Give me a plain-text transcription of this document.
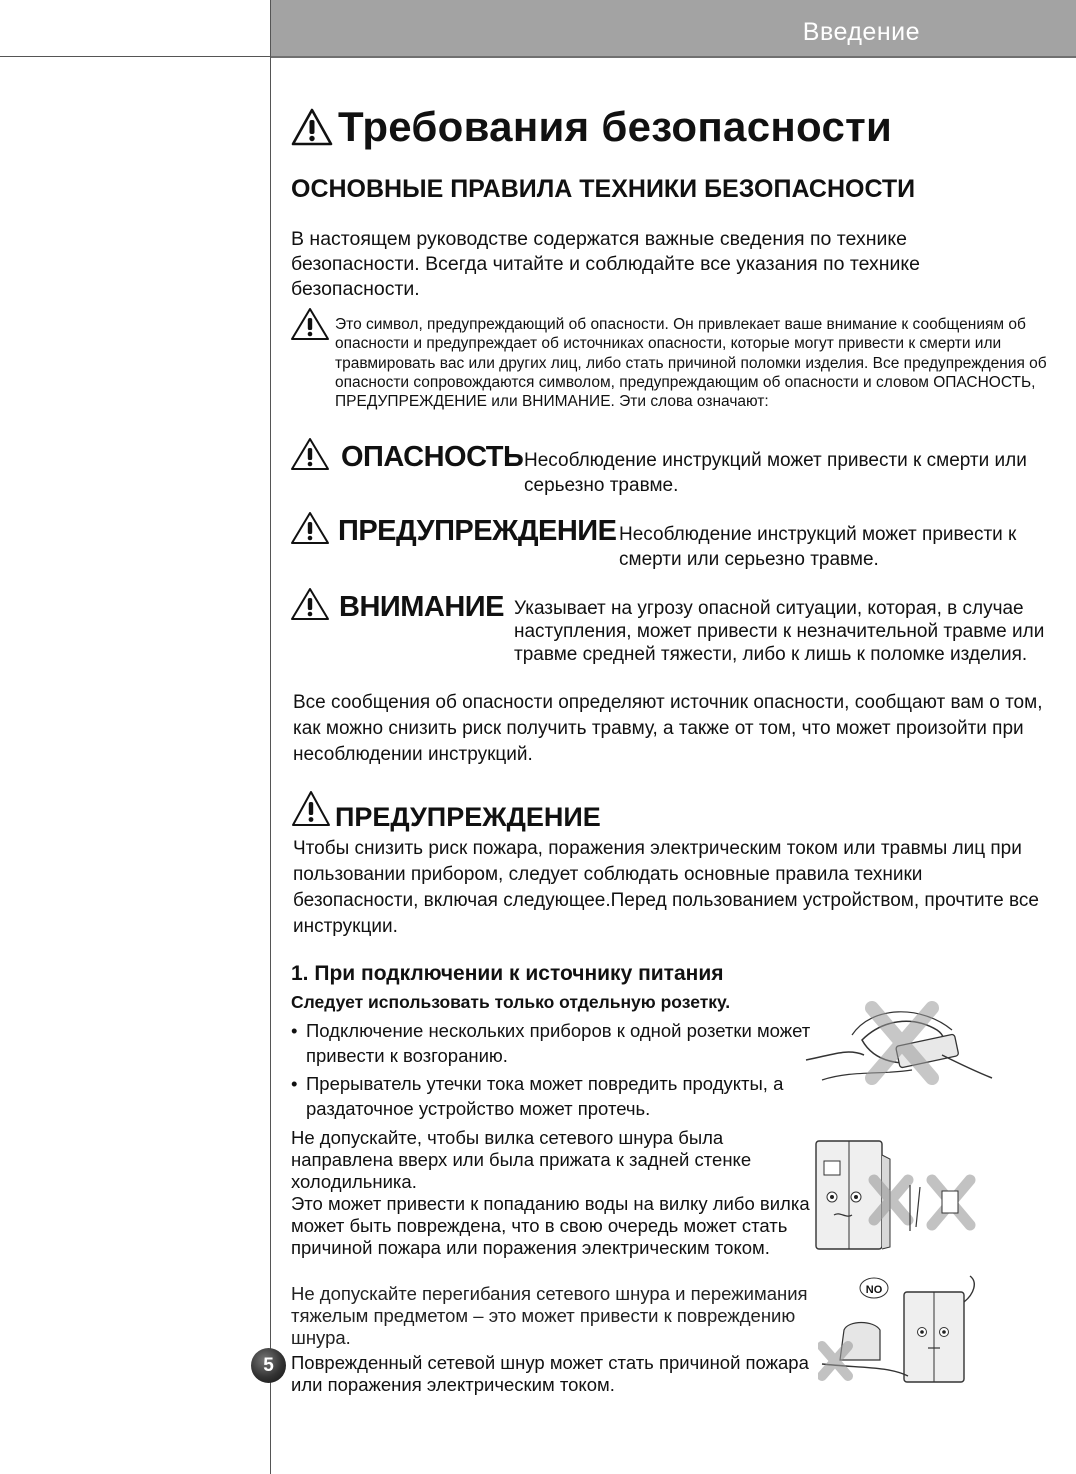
Введение
Требования безопасности
ОСНОВНЫЕ ПРАВИЛА ТЕХНИКИ БЕЗОПАСНОСТИ
В настоящем руководстве содержатся важные сведения по технике безопасности. Всегда читайте и соблюдайте все указания по технике безопасности.
Это символ, предупреждающий об опасности. Он привлекает ваше внимание к сообщениям об опасности и предупреждает об источниках опасности, которые могут привести к смерти или травмировать вас или других лиц, либо стать причиной поломки изделия. Все предупреждения об опасности сопровождаются символом, предупреждающим об опасности и словом ОПАСНОСТЬ, ПРЕДУПРЕЖДЕНИЕ или ВНИМАНИЕ. Эти слова означают:
ОПАСНОСТЬ Несоблюдение инструкций может привести к смерти или серьезно травме.
ПРЕДУПРЕЖДЕНИЕ Несоблюдение инструкций может привести к смерти или серьезно травме.
ВНИМАНИЕ Указывает на угрозу опасной ситуации, которая, в случае наступления, может привести к незначительной травме или травме средней тяжести, либо к лишь к поломке изделия.
Все сообщения об опасности определяют источник опасности, сообщают вам о том, как можно снизить риск получить травму, а также от том, что может произойти при несоблюдении инструкций.
ПРЕДУПРЕЖДЕНИЕ
Чтобы снизить риск пожара, поражения электрическим током или травмы лиц при пользовании прибором, следует соблюдать основные правила техники безопасности, включая следующее.Перед пользованием устройством, прочтите все инструкции.
1. При подключении к источнику питания
Следует использовать только отдельную розетку.
• Подключение нескольких приборов к одной розетки может привести к возгоранию.
• Прерыватель утечки тока может повредить продукты, а раздаточное устройство может протечь.
Не допускайте, чтобы вилка сетевого шнура была направлена вверх или была прижата к задней стенке холодильника.
Это может привести к попаданию воды на вилку либо вилка может быть повреждена, что в свою очередь может стать причиной пожара или поражения электрическим током.
Не допускайте перегибания сетевого шнура и пережимания тяжелым предметом – это может привести к повреждению шнура.
Поврежденный сетевой шнур может стать причиной пожара или поражения электрическим током.
NO
5
